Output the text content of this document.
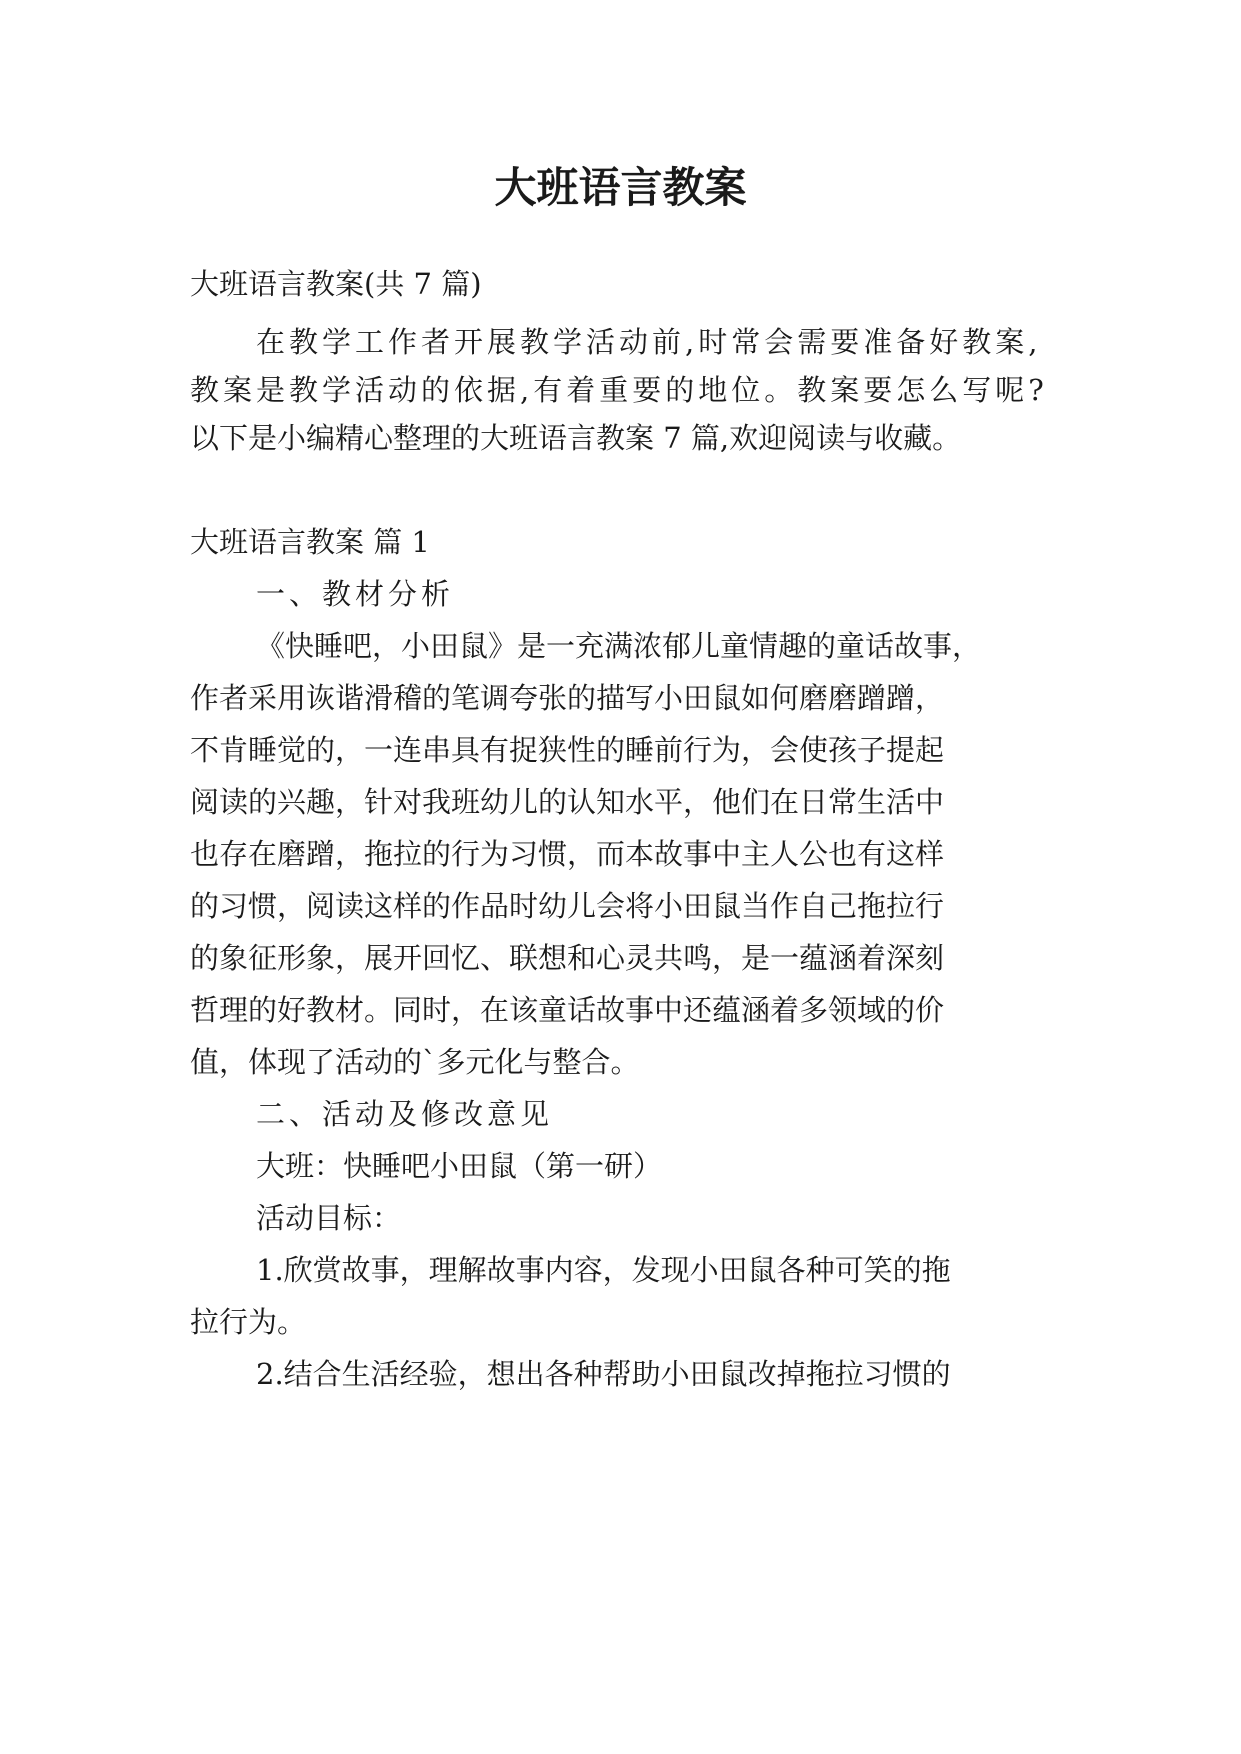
大班语言教案
大班语言教案(共 7 篇)
在教学工作者开展教学活动前,时常会需要准备好教案,
教案是教学活动的依据,有着重要的地位。教案要怎么写呢?
以下是小编精心整理的大班语言教案 7 篇,欢迎阅读与收藏。
大班语言教案 篇 1
一、教材分析
《快睡吧，小田鼠》是一充满浓郁儿童情趣的童话故事，
作者采用诙谐滑稽的笔调夸张的描写小田鼠如何磨磨蹭蹭，
不肯睡觉的，一连串具有捉狭性的睡前行为，会使孩子提起
阅读的兴趣，针对我班幼儿的认知水平，他们在日常生活中
也存在磨蹭，拖拉的行为习惯，而本故事中主人公也有这样
的习惯，阅读这样的作品时幼儿会将小田鼠当作自己拖拉行
的象征形象，展开回忆、联想和心灵共鸣，是一蕴涵着深刻
哲理的好教材。同时，在该童话故事中还蕴涵着多领域的价
值，体现了活动的`多元化与整合。
二、活动及修改意见
大班：快睡吧小田鼠（第一研）
活动目标：
1.欣赏故事，理解故事内容，发现小田鼠各种可笑的拖
拉行为。
2.结合生活经验，想出各种帮助小田鼠改掉拖拉习惯的
